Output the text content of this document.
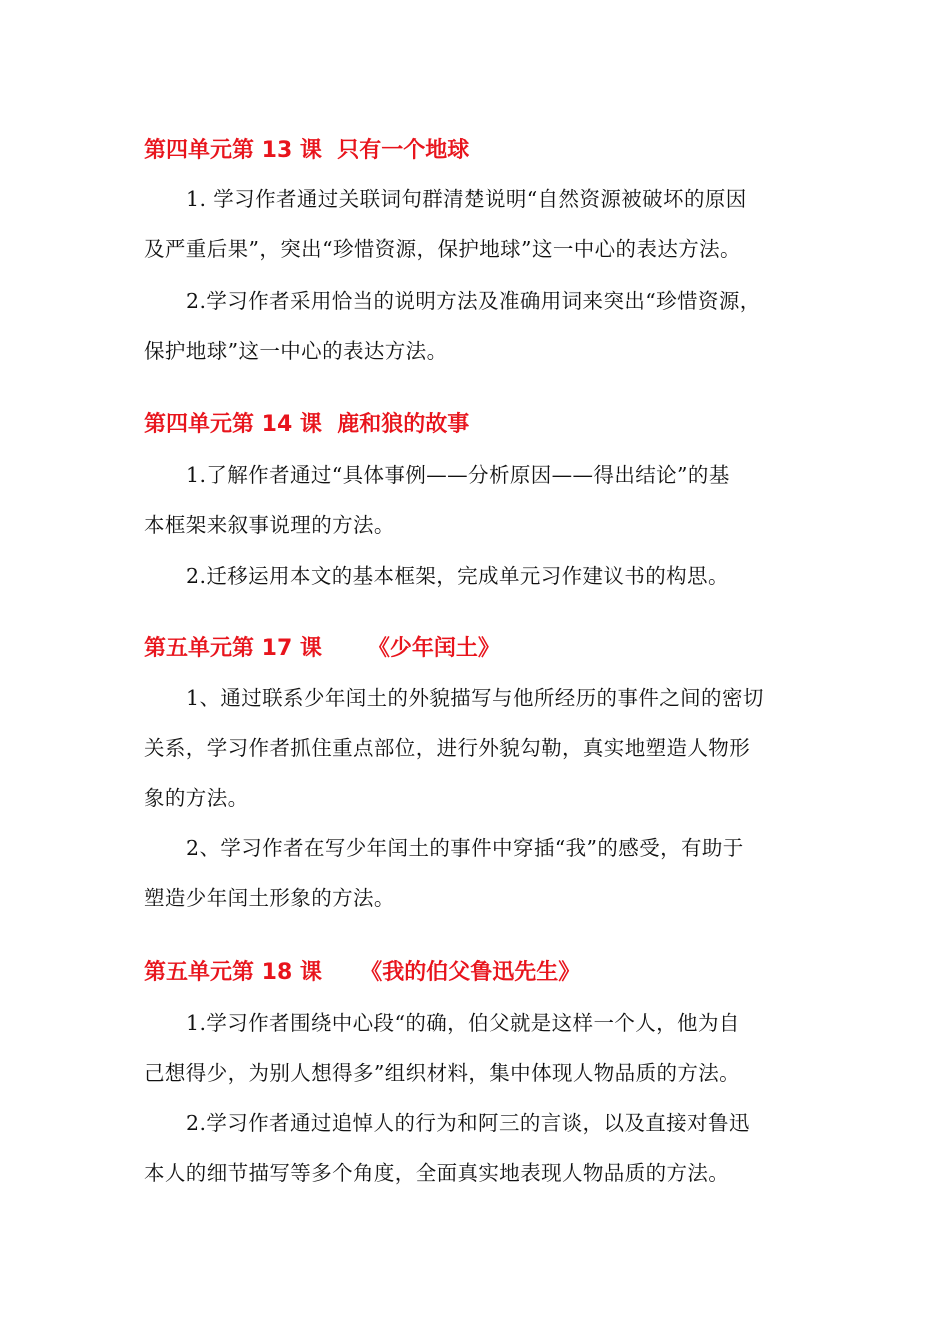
第四单元第 13 课  只有一个地球
1. 学习作者通过关联词句群清楚说明“自然资源被破坏的原因
及严重后果”，突出“珍惜资源，保护地球”这一中心的表达方法。
2.学习作者采用恰当的说明方法及准确用词来突出“珍惜资源，
保护地球”这一中心的表达方法。
第四单元第 14 课  鹿和狼的故事
1.了解作者通过“具体事例——分析原因——得出结论”的基
本框架来叙事说理的方法。
2.迁移运用本文的基本框架，完成单元习作建议书的构思。
第五单元第 17 课      《少年闰土》
1、通过联系少年闰土的外貌描写与他所经历的事件之间的密切
关系，学习作者抓住重点部位，进行外貌勾勒，真实地塑造人物形
象的方法。
2、学习作者在写少年闰土的事件中穿插“我”的感受，有助于
塑造少年闰土形象的方法。
第五单元第 18 课     《我的伯父鲁迅先生》
1.学习作者围绕中心段“的确，伯父就是这样一个人，他为自
己想得少，为别人想得多”组织材料，集中体现人物品质的方法。
2.学习作者通过追悼人的行为和阿三的言谈，以及直接对鲁迅
本人的细节描写等多个角度，全面真实地表现人物品质的方法。
